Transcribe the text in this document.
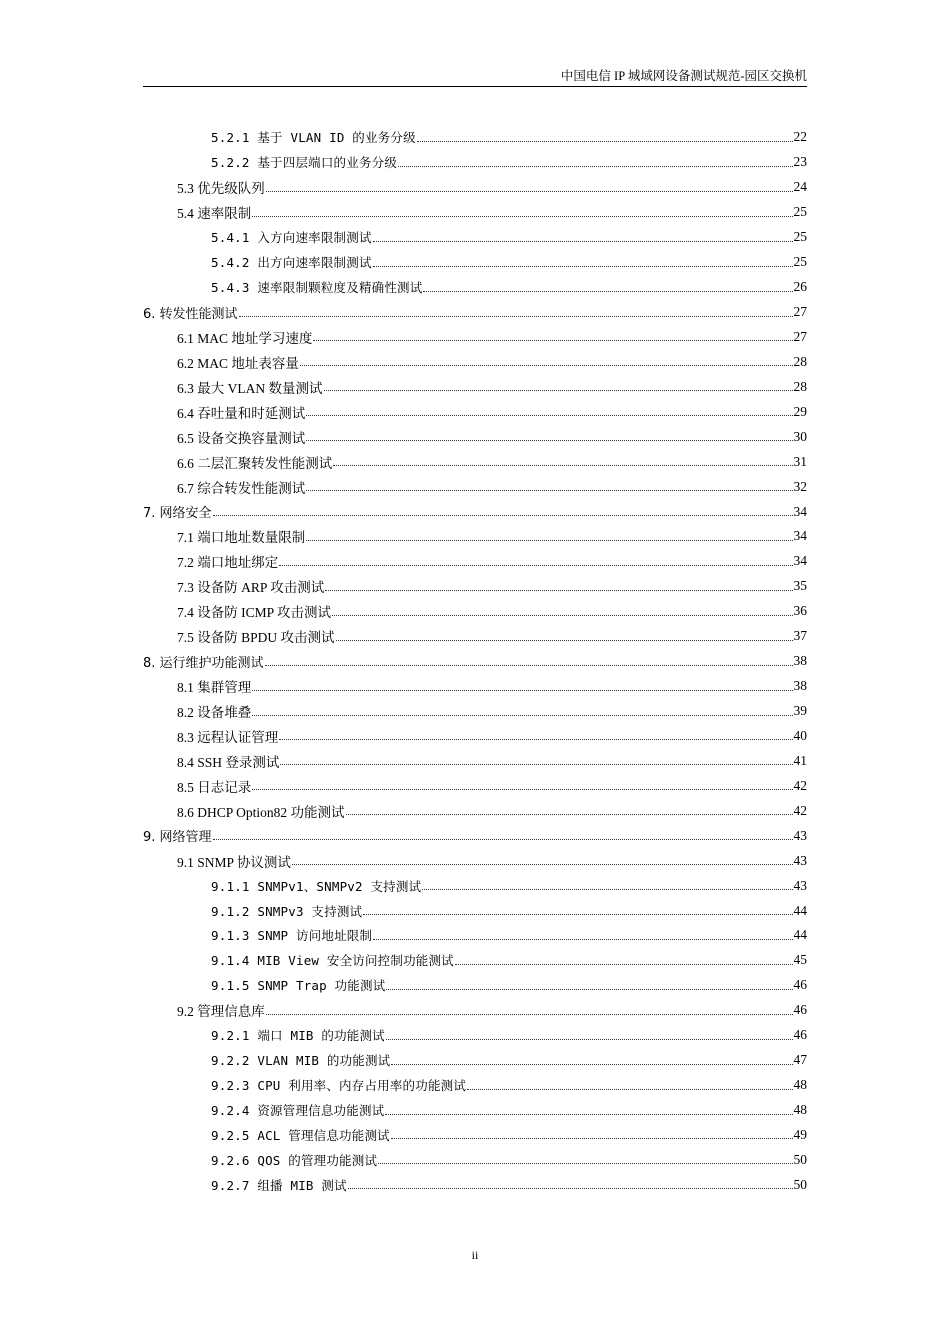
中国电信 IP 城域网设备测试规范-园区交换机
5.2.1 基于 VLAN ID 的业务分级	22
5.2.2 基于四层端口的业务分级	23
5.3 优先级队列	24
5.4 速率限制	25
5.4.1 入方向速率限制测试	25
5.4.2 出方向速率限制测试	25
5.4.3 速率限制颗粒度及精确性测试	26
6. 转发性能测试	27
6.1 MAC 地址学习速度	27
6.2 MAC 地址表容量	28
6.3 最大 VLAN 数量测试	28
6.4 吞吐量和时延测试	29
6.5 设备交换容量测试	30
6.6 二层汇聚转发性能测试	31
6.7 综合转发性能测试	32
7. 网络安全	34
7.1 端口地址数量限制	34
7.2 端口地址绑定	34
7.3 设备防 ARP 攻击测试	35
7.4 设备防 ICMP 攻击测试	36
7.5 设备防 BPDU 攻击测试	37
8. 运行维护功能测试	38
8.1 集群管理	38
8.2 设备堆叠	39
8.3 远程认证管理	40
8.4 SSH 登录测试	41
8.5 日志记录	42
8.6 DHCP Option82 功能测试	42
9. 网络管理	43
9.1 SNMP 协议测试	43
9.1.1 SNMPv1、SNMPv2 支持测试	43
9.1.2 SNMPv3 支持测试	44
9.1.3 SNMP 访问地址限制	44
9.1.4 MIB View 安全访问控制功能测试	45
9.1.5 SNMP Trap 功能测试	46
9.2 管理信息库	46
9.2.1 端口 MIB 的功能测试	46
9.2.2 VLAN MIB 的功能测试	47
9.2.3 CPU 利用率、内存占用率的功能测试	48
9.2.4 资源管理信息功能测试	48
9.2.5 ACL 管理信息功能测试	49
9.2.6 QOS 的管理功能测试	50
9.2.7 组播 MIB 测试	50
ii
